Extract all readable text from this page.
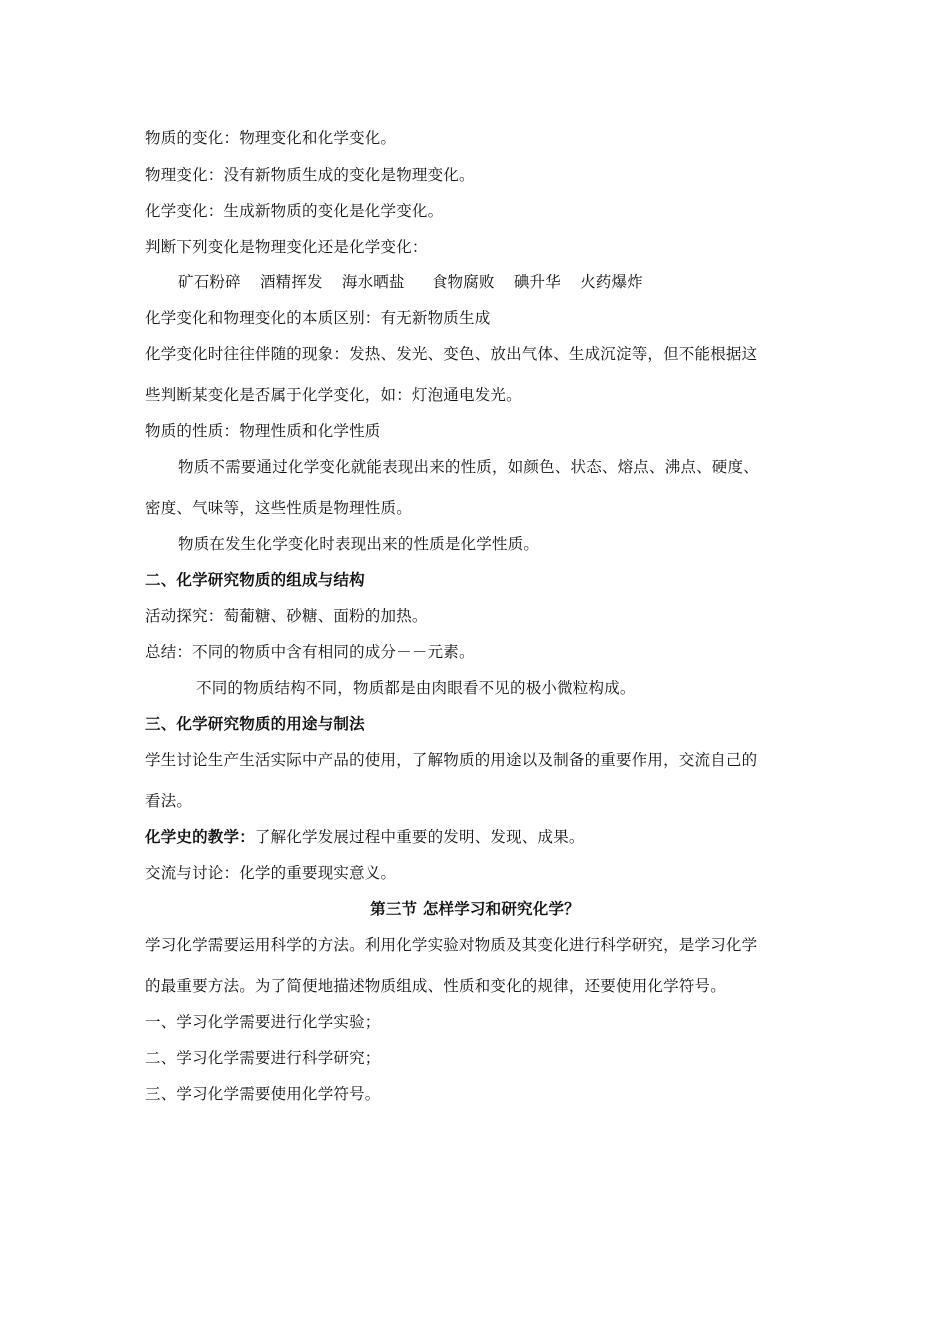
物质的变化：物理变化和化学变化。
物理变化：没有新物质生成的变化是物理变化。
化学变化：生成新物质的变化是化学变化。
判断下列变化是物理变化还是化学变化：
矿石粉碎 酒精挥发 海水晒盐 食物腐败 碘升华 火药爆炸
化学变化和物理变化的本质区别：有无新物质生成
化学变化时往往伴随的现象：发热、发光、变色、放出气体、生成沉淀等，但不能根据这
些判断某变化是否属于化学变化，如：灯泡通电发光。
物质的性质：物理性质和化学性质
物质不需要通过化学变化就能表现出来的性质，如颜色、状态、熔点、沸点、硬度、
密度、气味等，这些性质是物理性质。
物质在发生化学变化时表现出来的性质是化学性质。
二、化学研究物质的组成与结构
活动探究：萄葡糖、砂糖、面粉的加热。
总结：不同的物质中含有相同的成分－－元素。
不同的物质结构不同，物质都是由肉眼看不见的极小微粒构成。
三、化学研究物质的用途与制法
学生讨论生产生活实际中产品的使用，了解物质的用途以及制备的重要作用，交流自己的
看法。
化学史的教学：了解化学发展过程中重要的发明、发现、成果。
交流与讨论：化学的重要现实意义。
第三节 怎样学习和研究化学？
学习化学需要运用科学的方法。利用化学实验对物质及其变化进行科学研究，是学习化学
的最重要方法。为了简便地描述物质组成、性质和变化的规律，还要使用化学符号。
一、学习化学需要进行化学实验；
二、学习化学需要进行科学研究；
三、学习化学需要使用化学符号。
